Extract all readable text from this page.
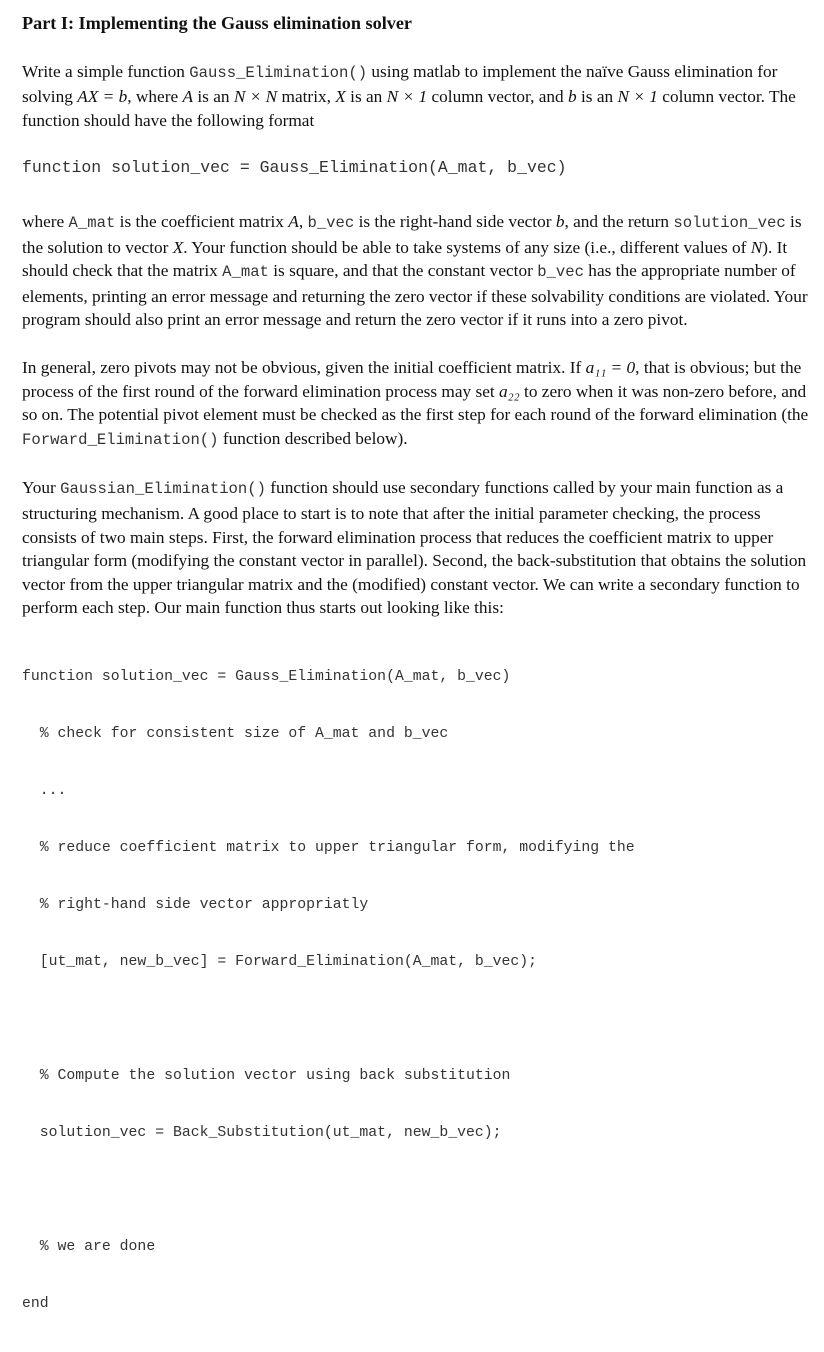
Part I: Implementing the Gauss elimination solver

Write a simple function Gauss_Elimination() using matlab to implement the naïve Gauss elimination for solving AX = b, where A is an N × N matrix, X is an N × 1 column vector, and b is an N × 1 column vector. The function should have the following format

function solution_vec = Gauss_Elimination(A_mat, b_vec)

where A_mat is the coefficient matrix A, b_vec is the right-hand side vector b, and the return solution_vec is the solution to vector X. Your function should be able to take systems of any size (i.e., different values of N). It should check that the matrix A_mat is square, and that the constant vector b_vec has the appropriate number of elements, printing an error message and returning the zero vector if these solvability conditions are violated. Your program should also print an error message and return the zero vector if it runs into a zero pivot.

In general, zero pivots may not be obvious, given the initial coefficient matrix. If a₁₁ = 0, that is obvious; but the process of the first round of the forward elimination process may set a₂₂ to zero when it was non-zero before, and so on. The potential pivot element must be checked as the first step for each round of the forward elimination (the Forward_Elimination() function described below).

Your Gaussian_Elimination() function should use secondary functions called by your main function as a structuring mechanism. A good place to start is to note that after the initial parameter checking, the process consists of two main steps. First, the forward elimination process that reduces the coefficient matrix to upper triangular form (modifying the constant vector in parallel). Second, the back-substitution that obtains the solution vector from the upper triangular matrix and the (modified) constant vector. We can write a secondary function to perform each step. Our main function thus starts out looking like this:

function solution_vec = Gauss_Elimination(A_mat, b_vec)

% check for consistent size of A_mat and b_vec

...

% reduce coefficient matrix to upper triangular form, modifying the

% right-hand side vector appropriatly

[ut_mat, new_b_vec] = Forward_Elimination(A_mat, b_vec);

% Compute the solution vector using back substitution

solution_vec = Back_Substitution(ut_mat, new_b_vec);

% we are done

end
